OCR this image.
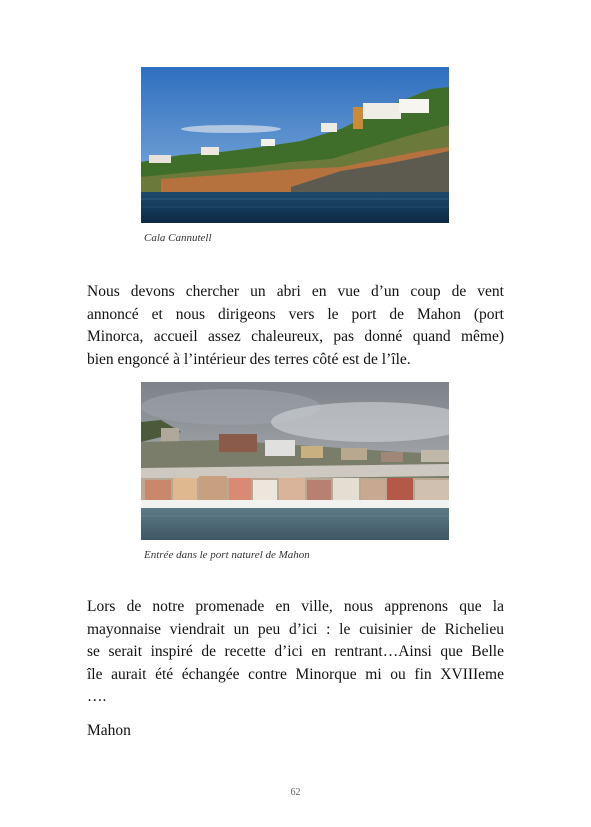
Cala Cannutell
Nous devons chercher un abri en vue d’un coup de vent
annoncé et nous dirigeons vers le port de Mahon (port
Minorca, accueil assez chaleureux, pas donné quand même)
bien engoncé à l’intérieur des terres côté est de l’île.
Entrée dans le port naturel de Mahon
Lors de notre promenade en ville, nous apprenons que la
mayonnaise viendrait un peu d’ici : le cuisinier de Richelieu
se serait inspiré de recette d’ici en rentrant…Ainsi que Belle
île aurait été échangée contre Minorque mi ou fin XVIIIeme
….
Mahon
62
